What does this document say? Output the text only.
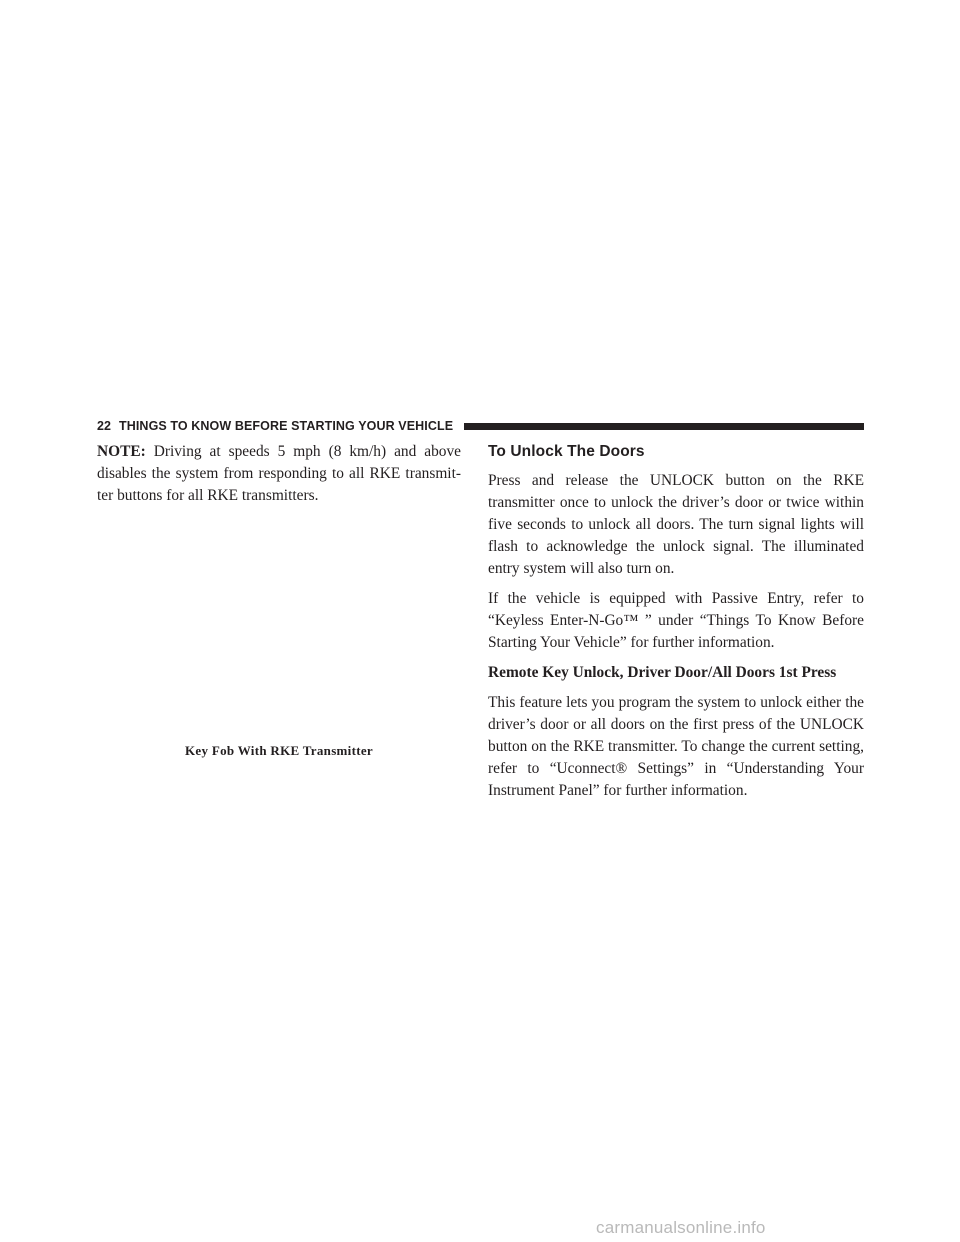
22 THINGS TO KNOW BEFORE STARTING YOUR VEHICLE

NOTE: Driving at speeds 5 mph (8 km/h) and above disables the system from responding to all RKE transmitter buttons for all RKE transmitters.

Key Fob With RKE Transmitter
To Unlock The Doors

Press and release the UNLOCK button on the RKE transmitter once to unlock the driver’s door or twice within five seconds to unlock all doors. The turn signal lights will flash to acknowledge the unlock signal. The illuminated entry system will also turn on.

If the vehicle is equipped with Passive Entry, refer to “Keyless Enter-N-Go™ ” under “Things To Know Before Starting Your Vehicle” for further information.

Remote Key Unlock, Driver Door/All Doors 1st Press

This feature lets you program the system to unlock either the driver’s door or all doors on the first press of the UNLOCK button on the RKE transmitter. To change the current setting, refer to “Uconnect® Settings” in “Understanding Your Instrument Panel” for further information.

carmanualsonline.info
